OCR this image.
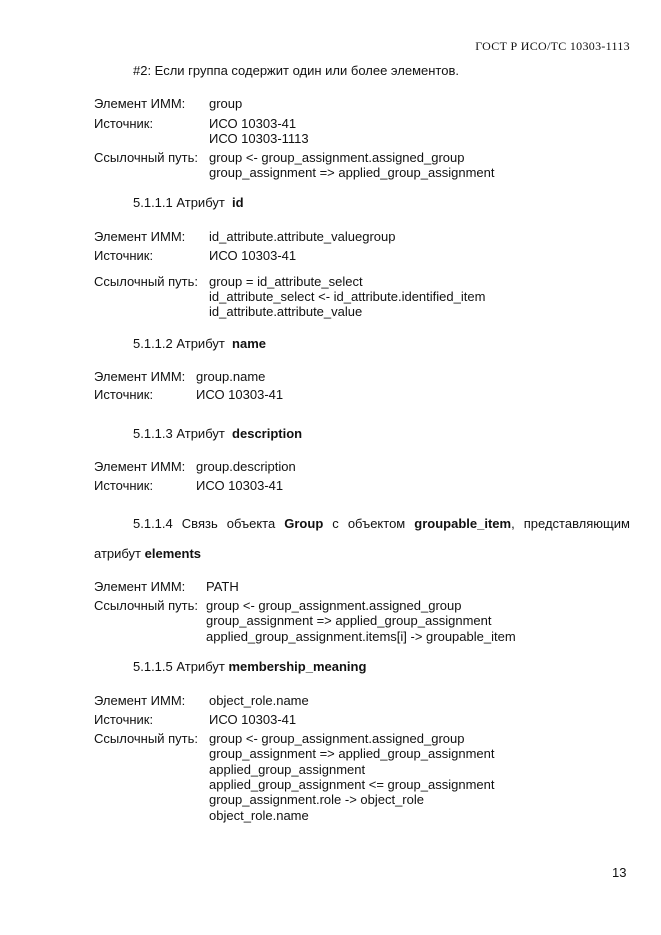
ГОСТ Р ИСО/ТС 10303-1113
#2: Если группа содержит один или более элементов.
Элемент ИММ: group
Источник:	ИСО 10303-41
ИСО 10303-1113
Ссылочный путь: group <- group_assignment.assigned_group
group_assignment => applied_group_assignment
5.1.1.1 Атрибут id
Элемент ИММ: id_attribute.attribute_valuegroup
Источник:	ИСО 10303-41
Ссылочный путь: group = id_attribute_select
id_attribute_select <- id_attribute.identified_item
id_attribute.attribute_value
5.1.1.2 Атрибут name
Элемент ИММ: group.name
Источник:	ИСО 10303-41
5.1.1.3 Атрибут description
Элемент ИММ: group.description
Источник:	ИСО 10303-41
5.1.1.4 Связь объекта Group с объектом groupable_item, представляющим
атрибут elements
Элемент ИММ: PATH
Ссылочный путь: group <- group_assignment.assigned_group
group_assignment => applied_group_assignment
applied_group_assignment.items[i] -> groupable_item
5.1.1.5 Атрибут membership_meaning
Элемент ИММ: object_role.name
Источник:	ИСО 10303-41
Ссылочный путь: group <- group_assignment.assigned_group
group_assignment => applied_group_assignment
applied_group_assignment
applied_group_assignment <= group_assignment
group_assignment.role -> object_role
object_role.name
13
